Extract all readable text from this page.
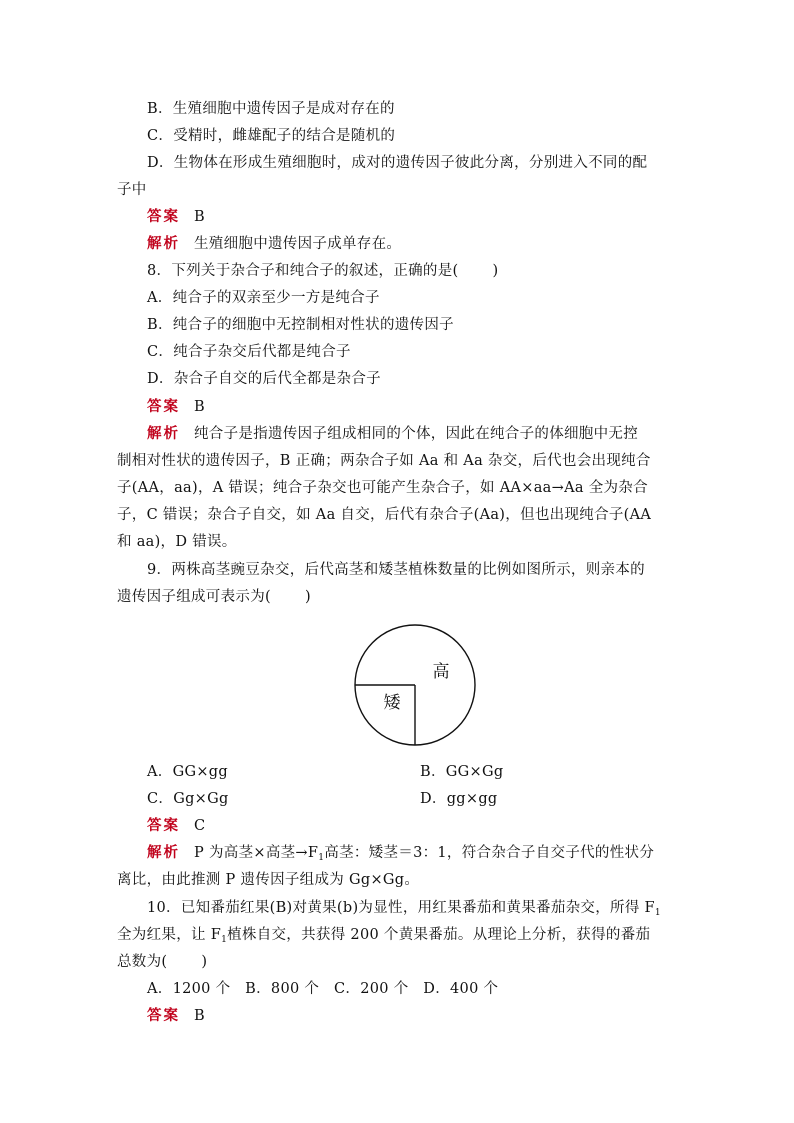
B．生殖细胞中遗传因子是成对存在的
C．受精时，雌雄配子的结合是随机的
D．生物体在形成生殖细胞时，成对的遗传因子彼此分离，分别进入不同的配
子中
答案 B
解析 生殖细胞中遗传因子成单存在。
8．下列关于杂合子和纯合子的叙述，正确的是( )
A．纯合子的双亲至少一方是纯合子
B．纯合子的细胞中无控制相对性状的遗传因子
C．纯合子杂交后代都是纯合子
D．杂合子自交的后代全都是杂合子
答案 B
解析 纯合子是指遗传因子组成相同的个体，因此在纯合子的体细胞中无控
制相对性状的遗传因子，B 正确；两杂合子如 Aa 和 Aa 杂交，后代也会出现纯合
子(AA，aa)，A 错误；纯合子杂交也可能产生杂合子，如 AA×aa→Aa 全为杂合
子，C 错误；杂合子自交，如 Aa 自交，后代有杂合子(Aa)，但也出现纯合子(AA
和 aa)，D 错误。
9．两株高茎豌豆杂交，后代高茎和矮茎植株数量的比例如图所示，则亲本的
遗传因子组成可表示为( )
高
矮
A．GG×gg	B．GG×Gg
C．Gg×Gg	D．gg×gg
答案 C
解析 P 为高茎×高茎$\to F_1$高茎：矮茎＝3：1，符合杂合子自交子代的性状分
离比，由此推测 P 遗传因子组成为 Gg×Gg。
10．已知番茄红果(B)对黄果(b)为显性，用红果番茄和黄果番茄杂交，所得 $F_1$
全为红果，让 $F_1$植株自交，共获得 200 个黄果番茄。从理论上分析，获得的番茄
总数为( )
A．1200 个　B．800 个　C．200 个　D．400 个
答案 B
